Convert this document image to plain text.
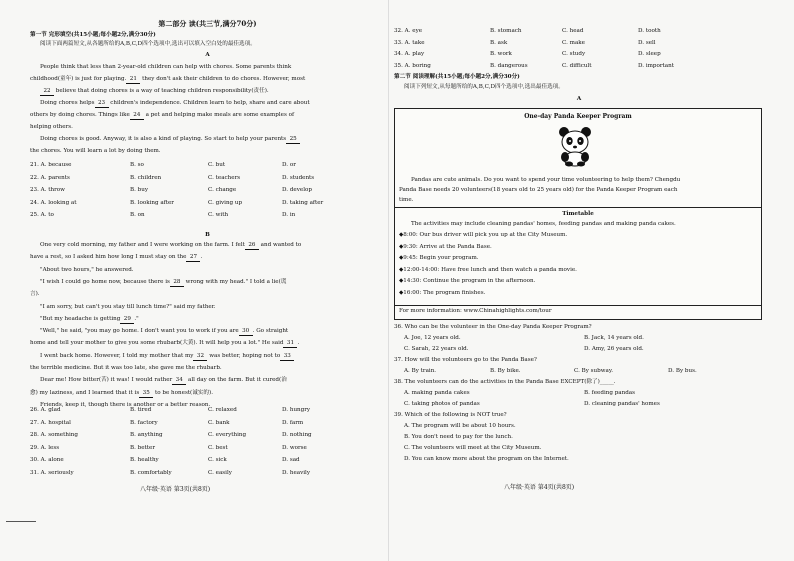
第二部分 读(共三节,满分70分)
第一节 完形填空(共15小题;每小题2分,满分30分)
阅读下面两篇短文,从各题所给的A,B,C,D四个选项中,选出可以填入空白处的最佳选项。
A
People think that less than 2-year-old children can help with chores. Some parents think
childhood(童年) is just for playing. 21 they don't ask their children to do chores. However, most
22 believe that doing chores is a way of teaching children responsibility(责任).
Doing chores helps 23 children's independence. Children learn to help, share and care about
others by doing chores. Things like 24 a pet and helping make meals are some examples of
helping others.
Doing chores is good. Anyway, it is also a kind of playing. So start to help your parents 25
the chores. You will learn a lot by doing them.
21. A. because	B. so	C. but	D. or
22. A. parents	B. children	C. teachers	D. students
23. A. throw	B. buy	C. change	D. develop
24. A. looking at	B. looking after	C. giving up	D. taking after
25. A. to	B. on	C. with	D. in
B
One very cold morning, my father and I were working on the farm. I felt 26 and wanted to
have a rest, so I asked him how long I must stay on the 27 .
"About two hours," he answered.
"I wish I could go home now, because there is 28 wrong with my head." I told a lie(谎
言).
"I am sorry, but can't you stay till lunch time?" said my father.
"But my headache is getting 29 ."
"Well," he said, "you may go home. I don't want you to work if you are 30 . Go straight
home and tell your mother to give you some rhubarb(大黄). It will help you a lot." He said 31 .
I went back home. However, I told my mother that my 32 was better, hoping not to 33
the terrible medicine. But it was too late, she gave me the rhubarb.
Dear me! How bitter(苦) it was! I would rather 34 all day on the farm. But it cured(治
愈) my laziness, and I learned that it is 35 to be honest(诚实的).
Friends, keep it, though there is another or a better reason.
26. A. glad	B. tired	C. relaxed	D. hungry
27. A. hospital	B. factory	C. bank	D. farm
28. A. something	B. anything	C. everything	D. nothing
29. A. less	B. better	C. best	D. worse
30. A. alone	B. healthy	C. sick	D. sad
31. A. seriously	B. comfortably	C. easily	D. heavily
八年级·英语 第3页(共8页)
32. A. eye	B. stomach	C. head	D. tooth
33. A. take	B. ask	C. make	D. sell
34. A. play	B. work	C. study	D. sleep
35. A. boring	B. dangerous	C. difficult	D. important
第二节 阅读理解(共15小题;每小题2分,满分30分)
阅读下列短文,从每题所给的A,B,C,D四个选项中,选出最佳选项。
A
One-day Panda Keeper Program
Pandas are cute animals. Do you want to spend your time volunteering to help them? Chengdu
Panda Base needs 20 volunteers(18 years old to 25 years old) for the Panda Keeper Program each
time.
Timetable
The activities may include cleaning pandas' homes, feeding pandas and making panda cakes.
◆8:00: Our bus driver will pick you up at the City Museum.
◆9:30: Arrive at the Panda Base.
◆9:45: Begin your program.
◆12:00-14:00: Have free lunch and then watch a panda movie.
◆14:30: Continue the program in the afternoon.
◆16:00: The program finishes.
For more information: www.Chinahighlights.com/tour
36. Who can be the volunteer in the One-day Panda Keeper Program?
A. Joe, 12 years old.	B. Jack, 14 years old.
C. Sarah, 22 years old.	D. Amy, 26 years old.
37. How will the volunteers go to the Panda Base?
A. By train.	B. By bike.	C. By subway.	D. By bus.
38. The volunteers can do the activities in the Panda Base EXCEPT(除了)_____.
A. making panda cakes	B. feeding pandas
C. taking photos of pandas	D. cleaning pandas' homes
39. Which of the following is NOT true?
A. The program will be about 10 hours.
B. You don't need to pay for the lunch.
C. The volunteers will meet at the City Museum.
D. You can know more about the program on the Internet.
八年级·英语 第4页(共8页)
